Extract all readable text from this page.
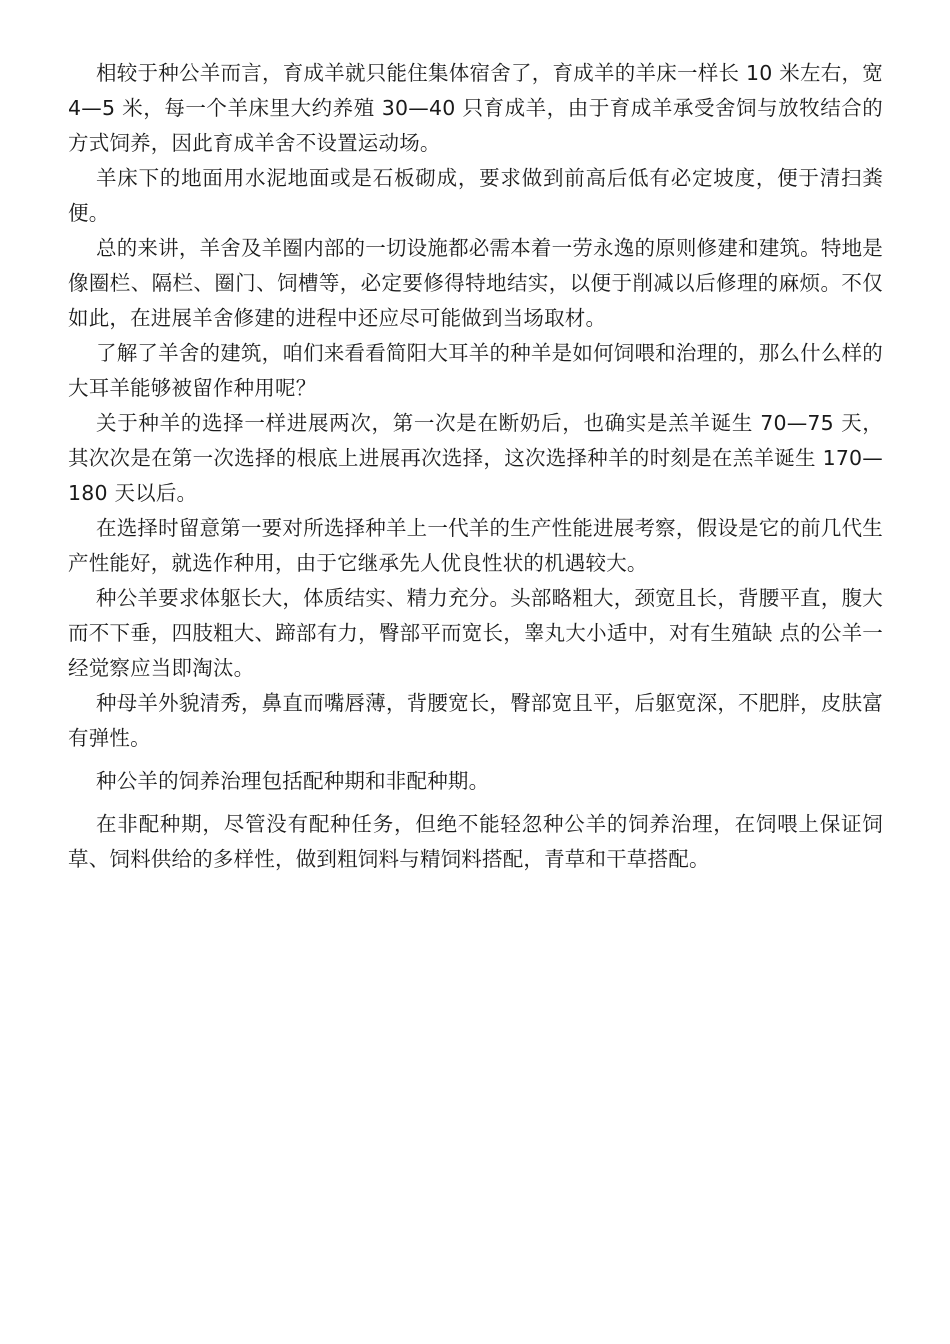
相较于种公羊而言，育成羊就只能住集体宿舍了，育成羊的羊床一样长 10 米左右，宽 4—5 米，每一个羊床里大约养殖 30—40 只育成羊，由于育成羊承受舍饲与放牧结合的方式饲养，因此育成羊舍不设置运动场。

羊床下的地面用水泥地面或是石板砌成，要求做到前高后低有必定坡度，便于清扫粪便。

总的来讲，羊舍及羊圈内部的一切设施都必需本着一劳永逸的原则修建和建筑。特地是像圈栏、隔栏、圈门、饲槽等，必定要修得特地结实，以便于削减以后修理的麻烦。不仅如此，在进展羊舍修建的进程中还应尽可能做到当场取材。

了解了羊舍的建筑，咱们来看看简阳大耳羊的种羊是如何饲喂和治理的，那么什么样的大耳羊能够被留作种用呢？

关于种羊的选择一样进展两次，第一次是在断奶后，也确实是羔羊诞生 70—75 天，其次次是在第一次选择的根底上进展再次选择，这次选择种羊的时刻是在羔羊诞生 170—180 天以后。

在选择时留意第一要对所选择种羊上一代羊的生产性能进展考察，假设是它的前几代生产性能好，就选作种用，由于它继承先人优良性状的机遇较大。

种公羊要求体躯长大，体质结实、精力充分。头部略粗大，颈宽且长，背腰平直，腹大而不下垂，四肢粗大、蹄部有力，臀部平而宽长，睾丸大小适中，对有生殖缺 点的公羊一经觉察应当即淘汰。

种母羊外貌清秀，鼻直而嘴唇薄，背腰宽长，臀部宽且平，后躯宽深，不肥胖，皮肤富有弹性。

种公羊的饲养治理包括配种期和非配种期。

在非配种期，尽管没有配种任务，但绝不能轻忽种公羊的饲养治理，在饲喂上保证饲草、饲料供给的多样性，做到粗饲料与精饲料搭配，青草和干草搭配。
